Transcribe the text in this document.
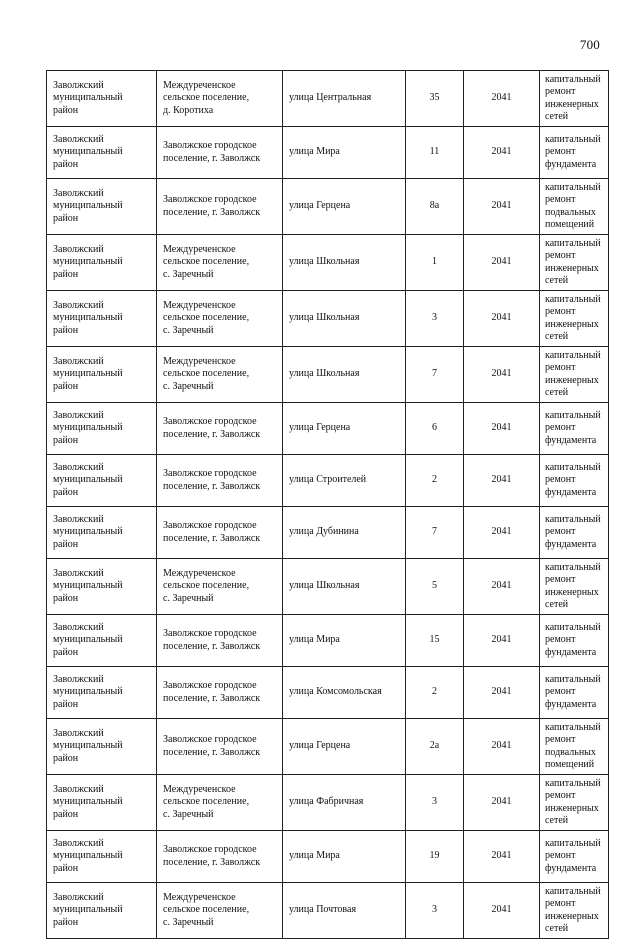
700
Заволжский
муниципальный
район	Междуреченское
сельское поселение,
д. Коротиха	улица Центральная	35	2041	капитальный
ремонт
инженерных
сетей
Заволжский
муниципальный
район	Заволжское городское
поселение, г. Заволжск	улица Мира	11	2041	капитальный
ремонт
фундамента
Заволжский
муниципальный
район	Заволжское городское
поселение, г. Заволжск	улица Герцена	8а	2041	капитальный
ремонт
подвальных
помещений
Заволжский
муниципальный
район	Междуреченское
сельское поселение,
с. Заречный	улица Школьная	1	2041	капитальный
ремонт
инженерных
сетей
Заволжский
муниципальный
район	Междуреченское
сельское поселение,
с. Заречный	улица Школьная	3	2041	капитальный
ремонт
инженерных
сетей
Заволжский
муниципальный
район	Междуреченское
сельское поселение,
с. Заречный	улица Школьная	7	2041	капитальный
ремонт
инженерных
сетей
Заволжский
муниципальный
район	Заволжское городское
поселение, г. Заволжск	улица Герцена	6	2041	капитальный
ремонт
фундамента
Заволжский
муниципальный
район	Заволжское городское
поселение, г. Заволжск	улица Строителей	2	2041	капитальный
ремонт
фундамента
Заволжский
муниципальный
район	Заволжское городское
поселение, г. Заволжск	улица Дубинина	7	2041	капитальный
ремонт
фундамента
Заволжский
муниципальный
район	Междуреченское
сельское поселение,
с. Заречный	улица Школьная	5	2041	капитальный
ремонт
инженерных
сетей
Заволжский
муниципальный
район	Заволжское городское
поселение, г. Заволжск	улица Мира	15	2041	капитальный
ремонт
фундамента
Заволжский
муниципальный
район	Заволжское городское
поселение, г. Заволжск	улица Комсомольская	2	2041	капитальный
ремонт
фундамента
Заволжский
муниципальный
район	Заволжское городское
поселение, г. Заволжск	улица Герцена	2а	2041	капитальный
ремонт
подвальных
помещений
Заволжский
муниципальный
район	Междуреченское
сельское поселение,
с. Заречный	улица Фабричная	3	2041	капитальный
ремонт
инженерных
сетей
Заволжский
муниципальный
район	Заволжское городское
поселение, г. Заволжск	улица Мира	19	2041	капитальный
ремонт
фундамента
Заволжский
муниципальный
район	Междуреченское
сельское поселение,
с. Заречный	улица Почтовая	3	2041	капитальный
ремонт
инженерных
сетей
